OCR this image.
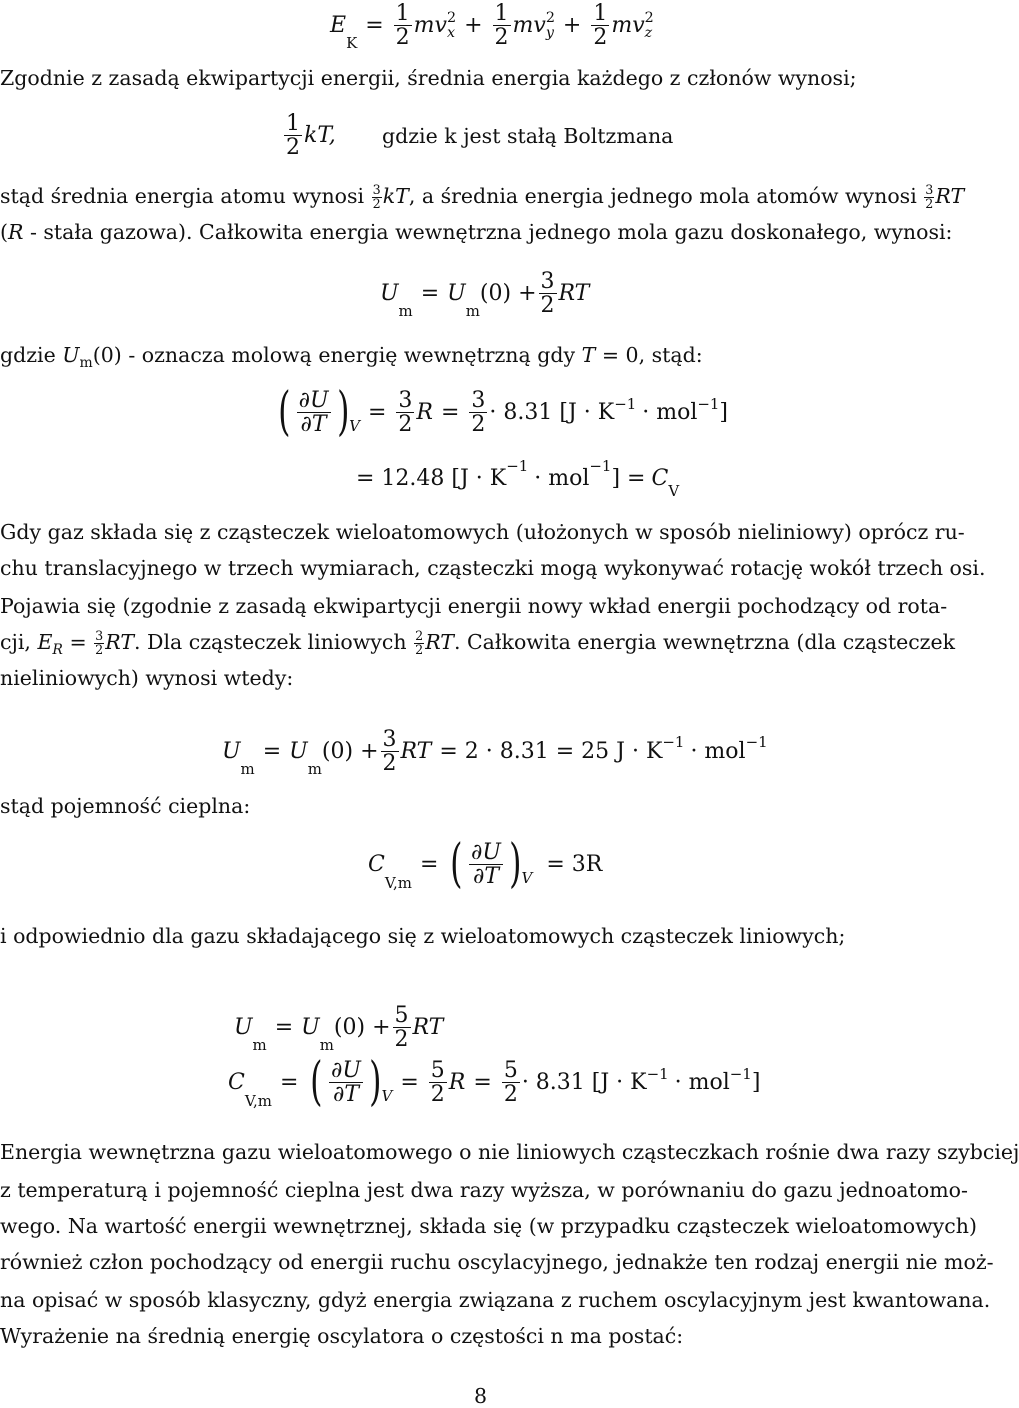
E
K
= $\frac{1}{2}$ mv 2
$x + \frac{1}{2}$ mv 2
$y + \frac{1}{2}$ mv 2
z
Zgodnie z zasadą ekwipartycji energii, średnia energia każdego z członów wynosi;
1
2 kT, gdzie k jest stałą Boltzmana
stąd średnia energia atomu wynosi $\frac{3}{2}$ kT, a średnia energia jednego mola atomów wynosi $\frac{3}{2}$ RT
(R - stała gazowa). Całkowita energia wewnętrzna jednego mola gazu doskonałego, wynosi:
U
m
= U
m
$(0) + \frac{3}{2}$ RT
gdzie $U_m(0)$ - oznacza molową energię wewnętrzną gdy T = 0, stąd:
( ∂U
∂T ) V
= $\frac{3}{2}$ $R = \frac{3}{2} \cdot 8.31$ [J · K −1 · mol −1 ]
= 12.48 [J · K −1 · mol −1 ] = C V
Gdy gaz składa się z cząsteczek wieloatomowych (ułożonych w sposób nieliniowy) oprócz ru-
chu translacyjnego w trzech wymiarach, cząsteczki mogą wykonywać rotację wokół trzech osi.
Pojawia się (zgodnie z zasadą ekwipartycji energii nowy wkład energii pochodzący od rota-
cji, $E_R = \frac{3}{2}$ RT. Dla cząsteczek liniowych $\frac{2}{2}$ RT. Całkowita energia wewnętrzna (dla cząsteczek
nieliniowych) wynosi wtedy:
U
m
= U
m
$(0) + \frac{3}{2}$ RT = 2 · 8.31 = 25 J · K −1 · mol −1
stąd pojemność cieplna:
C
V,m
= ( ∂U
∂T ) V
= 3R
i odpowiednio dla gazu składającego się z wieloatomowych cząsteczek liniowych;
U
m
= U
m
$(0) + \frac{5}{2}$ RT
C
V,m
= ( ∂U
∂T ) V
= $\frac{5}{2}$ $R = \frac{5}{2} \cdot 8.31$ [J · K −1 · mol −1 ]
Energia wewnętrzna gazu wieloatomowego o nie liniowych cząsteczkach rośnie dwa razy szybciej
z temperaturą i pojemność cieplna jest dwa razy wyższa, w porównaniu do gazu jednoatomo-
wego. Na wartość energii wewnętrznej, składa się (w przypadku cząsteczek wieloatomowych)
również człon pochodzący od energii ruchu oscylacyjnego, jednakże ten rodzaj energii nie moż-
na opisać w sposób klasyczny, gdyż energia związana z ruchem oscylacyjnym jest kwantowana.
Wyrażenie na średnią energię oscylatora o częstości n ma postać:
8
